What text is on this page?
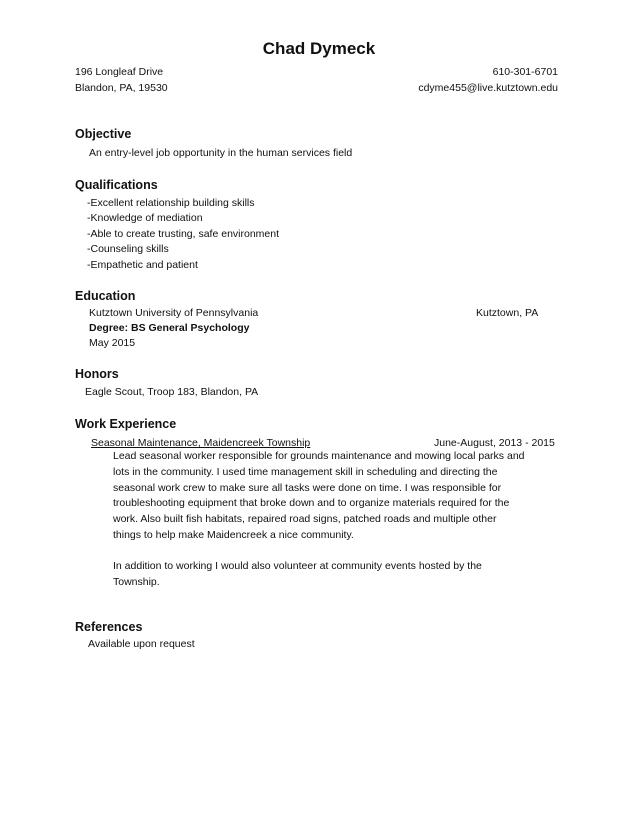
Chad Dymeck
196 Longleaf Drive
Blandon, PA, 19530
610-301-6701
cdyme455@live.kutztown.edu
Objective
An entry-level job opportunity in the human services field
Qualifications
-Excellent relationship building skills
-Knowledge of mediation
-Able to create trusting, safe environment
-Counseling skills
-Empathetic and patient
Education
Kutztown University of Pennsylvania	Kutztown, PA
Degree: BS General Psychology
May 2015
Honors
Eagle Scout, Troop 183, Blandon, PA
Work Experience
Seasonal Maintenance, Maidencreek Township	June-August, 2013 - 2015
Lead seasonal worker responsible for grounds maintenance and mowing local parks and
lots in the community. I used time management skill in scheduling and directing the
seasonal work crew to make sure all tasks were done on time. I was responsible for
troubleshooting equipment that broke down and to organize materials required for the
work. Also built fish habitats, repaired road signs, patched roads and multiple other
things to help make Maidencreek a nice community.
In addition to working I would also volunteer at community events hosted by the
Township.
References
Available upon request
